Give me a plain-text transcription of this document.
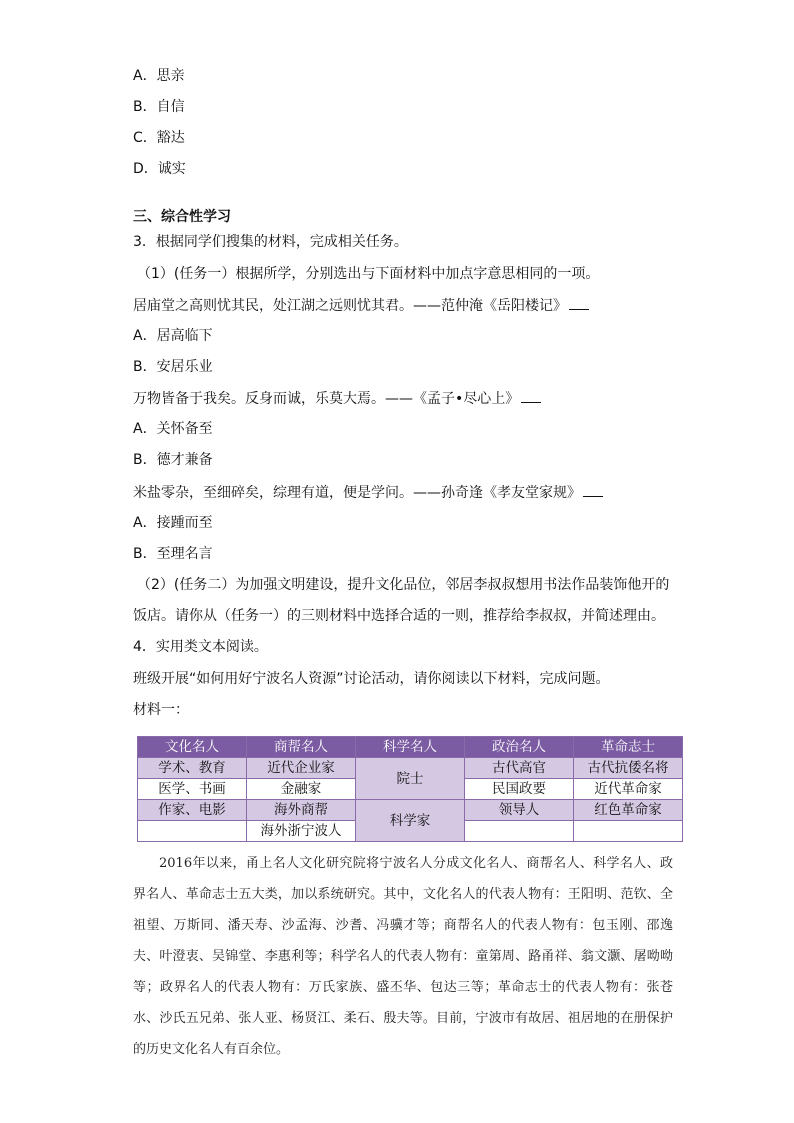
A．思亲
B．自信
C．豁达
D．诚实
三、综合性学习
3．根据同学们搜集的材料，完成相关任务。
（1）(任务一）根据所学，分别选出与下面材料中加点字意思相同的一项。
居庙堂之高则忧其民，处江湖之远则忧其君。——范仲淹《岳阳楼记》
A．居高临下
B．安居乐业
万物皆备于我矣。反身而诚，乐莫大焉。——《孟子•尽心上》
A．关怀备至
B．德才兼备
米盐零杂，至细碎矣，综理有道，便是学问。——孙奇逢《孝友堂家规》
A．接踵而至
B．至理名言
（2）(任务二）为加强文明建设，提升文化品位，邻居李叔叔想用书法作品装饰他开的
饭店。请你从（任务一）的三则材料中选择合适的一则，推荐给李叔叔，并简述理由。
4．实用类文本阅读。
班级开展“如何用好宁波名人资源”讨论活动，请你阅读以下材料，完成问题。
材料一：
文化名人	商帮名人	科学名人	政治名人	革命志士
学术、教育	近代企业家	院士	古代高官	古代抗倭名将
医学、书画	金融家		民国政要	近代革命家
作家、电影	海外商帮	科学家	领导人	红色革命家
	海外浙宁波人			
2016年以来，甬上名人文化研究院将宁波名人分成文化名人、商帮名人、科学名人、政界名人、革命志士五大类，加以系统研究。其中，文化名人的代表人物有：王阳明、范钦、全祖望、万斯同、潘天寿、沙孟海、沙耆、冯骥才等；商帮名人的代表人物有：包玉刚、邵逸夫、叶澄衷、吴锦堂、李惠利等；科学名人的代表人物有：童第周、路甬祥、翁文灏、屠呦呦等；政界名人的代表人物有：万氏家族、盛丕华、包达三等；革命志士的代表人物有：张苍水、沙氏五兄弟、张人亚、杨贤江、柔石、殷夫等。目前，宁波市有故居、祖居地的在册保护的历史文化名人有百余位。
